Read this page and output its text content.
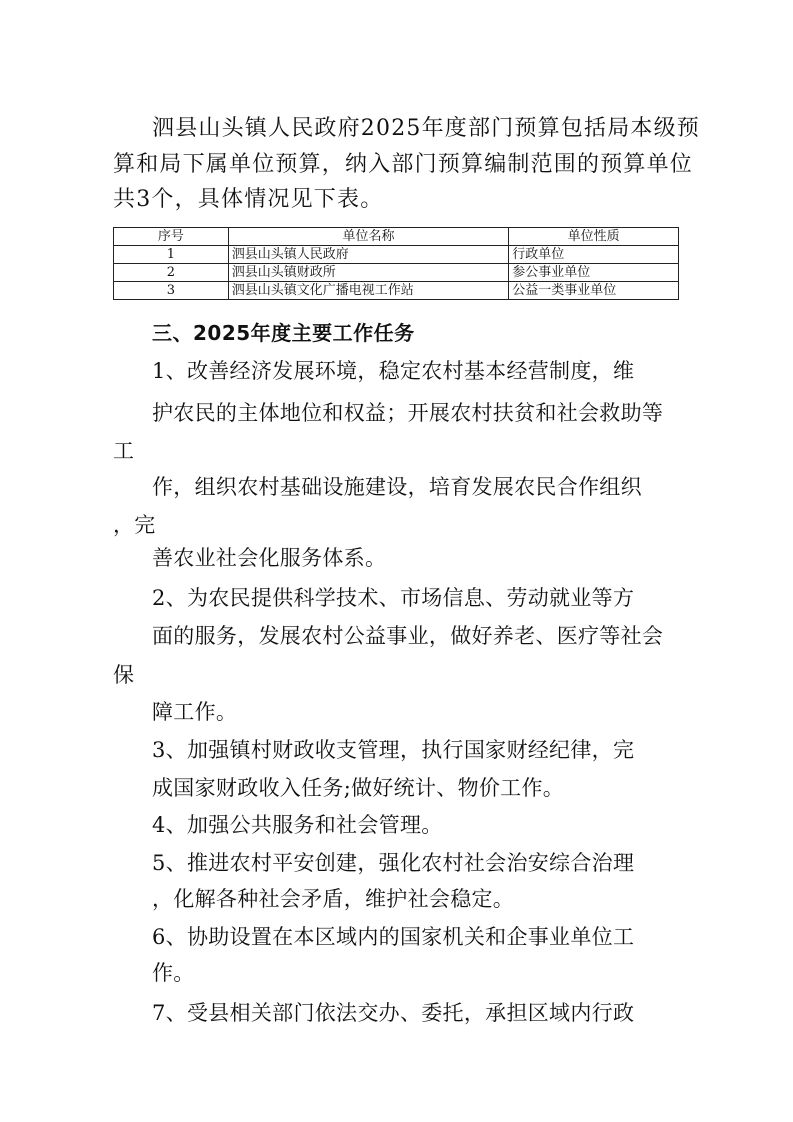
泗县山头镇人民政府2025年度部门预算包括局本级预
算和局下属单位预算，纳入部门预算编制范围的预算单位
共3个，具体情况见下表。
序号	单位名称	单位性质
1	泗县山头镇人民政府	行政单位
2	泗县山头镇财政所	参公事业单位
3	泗县山头镇文化广播电视工作站	公益一类事业单位
三、2025年度主要工作任务
1、改善经济发展环境，稳定农村基本经营制度，维
护农民的主体地位和权益；开展农村扶贫和社会救助等
工
作，组织农村基础设施建设，培育发展农民合作组织
，完
善农业社会化服务体系。
2、为农民提供科学技术、市场信息、劳动就业等方
面的服务，发展农村公益事业，做好养老、医疗等社会
保
障工作。
3、加强镇村财政收支管理，执行国家财经纪律，完
成国家财政收入任务;做好统计、物价工作。
4、加强公共服务和社会管理。
5、推进农村平安创建，强化农村社会治安综合治理
，化解各种社会矛盾，维护社会稳定。
6、协助设置在本区域内的国家机关和企事业单位工
作。
7、受县相关部门依法交办、委托，承担区域内行政
